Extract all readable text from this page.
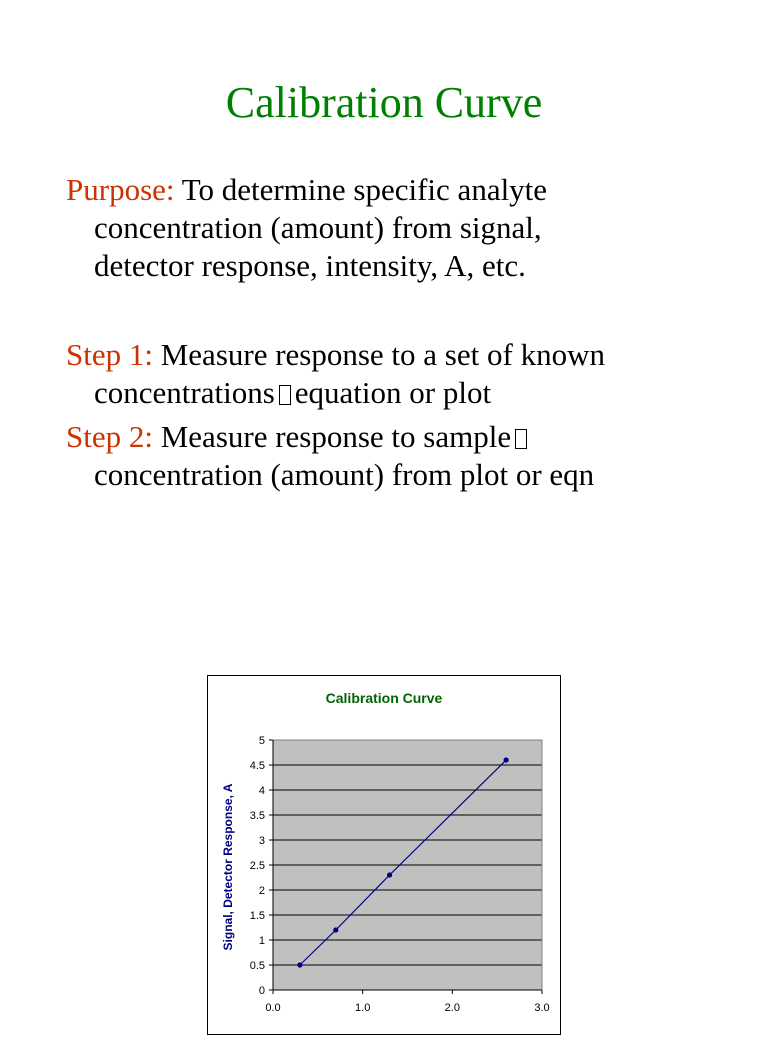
Calibration Curve
Purpose: To determine specific analyte
concentration (amount) from signal,
detector response, intensity, A, etc.
Step 1: Measure response to a set of known
concentrations equation or plot
Step 2: Measure response to sample
concentration (amount) from plot or eqn
Calibration Curve
Signal, Detector Response, A
0
0.5
1
1.5
2
2.5
3
3.5
4
4.5
5
0.0	1.0	2.0	3.0
